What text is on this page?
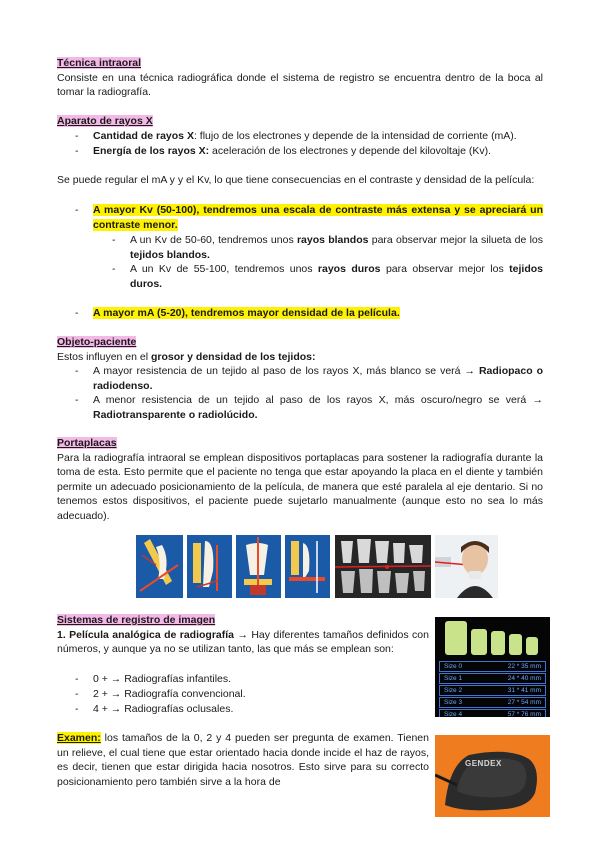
Técnica intraoral

Consiste en una técnica radiográfica donde el sistema de registro se encuentra dentro de la boca al tomar la radiografía.

Aparato de rayos X

- Cantidad de rayos X: flujo de los electrones y depende de la intensidad de corriente (mA).
- Energía de los rayos X: aceleración de los electrones y depende del kilovoltaje (Kv).

Se puede regular el mA y y el Kv, lo que tiene consecuencias en el contraste y densidad de la película:

- A mayor Kv (50-100), tendremos una escala de contraste más extensa y se apreciará un contraste menor.

- A un Kv de 50-60, tendremos unos rayos blandos para observar mejor la silueta de los tejidos blandos.

- A un Kv de 55-100, tendremos unos rayos duros para observar mejor los tejidos duros.

- A mayor mA (5-20), tendremos mayor densidad de la película.

Objeto-paciente

Estos influyen en el grosor y densidad de los tejidos:

- A mayor resistencia de un tejido al paso de los rayos X, más blanco se verá → Radiopaco o radiodenso.

- A menor resistencia de un tejido al paso de los rayos X, más oscuro/negro se verá → Radiotransparente o radiolúcido.

Portaplacas

Para la radiografía intraoral se emplean dispositivos portaplacas para sostener la radiografía durante la toma de esta. Esto permite que el paciente no tenga que estar apoyando la placa en el diente y también permite un adecuado posicionamiento de la película, de manera que esté paralela al eje dentario. Si no tenemos estos dispositivos, el paciente puede sujetarlo manualmente (aunque esto no sea lo más adecuado).

Sistemas de registro de imagen

1. Película analógica de radiografía → Hay diferentes tamaños definidos con números, y aunque ya no se utilizan tanto, las que más se emplean son:

- 0 + → Radiografías infantiles.
- 2 + → Radiografía convencional.
- 4 + → Radiografías oclusales.

Examen: los tamaños de la 0, 2 y 4 pueden ser pregunta de examen. Tienen un relieve, el cual tiene que estar orientado hacia donde incide el haz de rayos, es decir, tienen que estar dirigida hacia nosotros. Esto sirve para su correcto posicionamiento pero también sirve a la hora de

Size 0	22 * 35 mm
Size 1	24 * 40 mm
Size 2	31 * 41 mm
Size 3	27 * 54 mm
Size 4	57 * 76 mm
GENDEX
